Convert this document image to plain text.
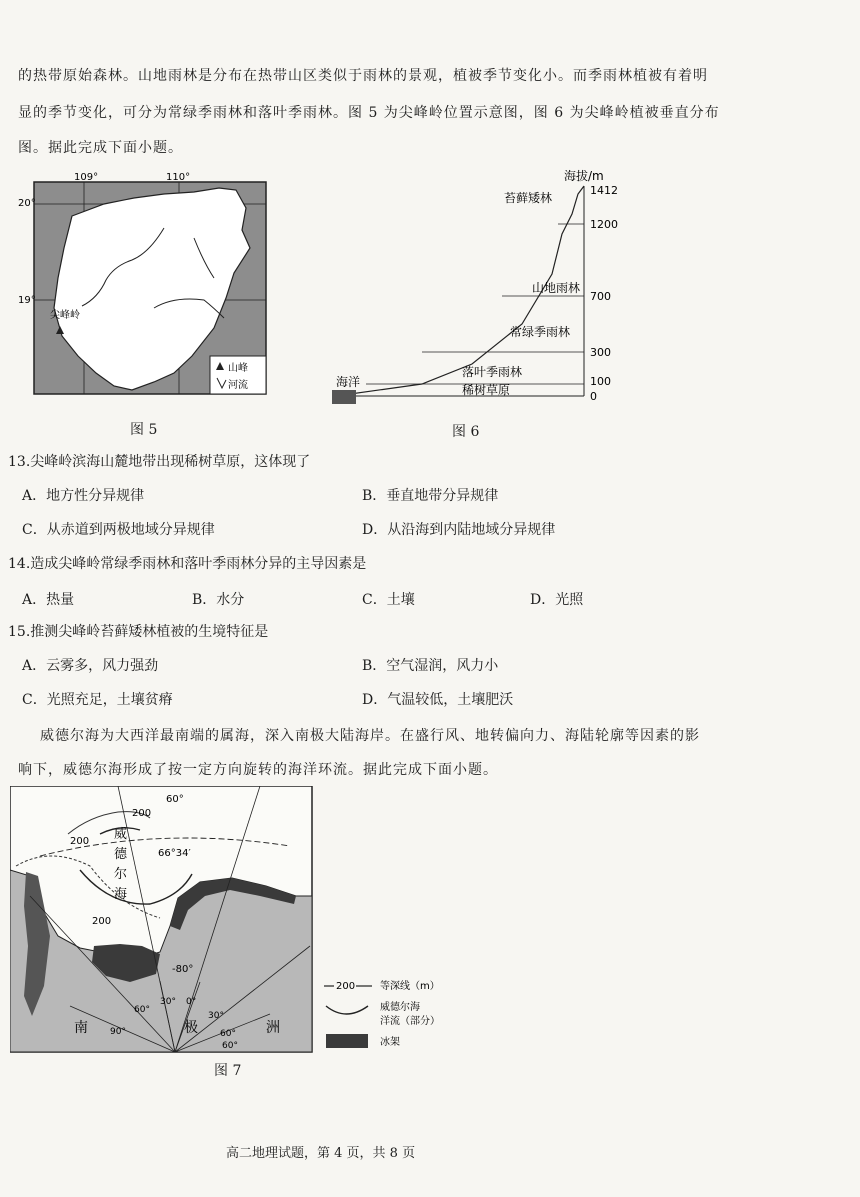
的热带原始森林。山地雨林是分布在热带山区类似于雨林的景观，植被季节变化小。而季雨林植被有着明
显的季节变化，可分为常绿季雨林和落叶季雨林。图 5 为尖峰岭位置示意图，图 6 为尖峰岭植被垂直分布
图。据此完成下面小题。
20°
19°
109°	110°
尖峰岭
山峰
河流
图 5
海拔/m
1412
1200
700
300
100
0
海洋
苔藓矮林
山地雨林
常绿季雨林
落叶季雨林
稀树草原
图 6
13.尖峰岭滨海山麓地带出现稀树草原，这体现了
A．地方性分异规律	B．垂直地带分异规律
C．从赤道到两极地域分异规律	D．从沿海到内陆地域分异规律
14.造成尖峰岭常绿季雨林和落叶季雨林分异的主导因素是
A．热量	B．水分	C．土壤	D．光照
15.推测尖峰岭苔藓矮林植被的生境特征是
A．云雾多，风力强劲	B．空气湿润，风力小
C．光照充足，土壤贫瘠	D．气温较低，土壤肥沃
威德尔海为大西洋最南端的属海，深入南极大陆海岸。在盛行风、地转偏向力、海陆轮廓等因素的影
响下，威德尔海形成了按一定方向旋转的海洋环流。据此完成下面小题。
60°
66°34′
-80°
200
200
200
威
德
尔
海
南	极	洲
60°
30° 0°
30°
60°
90°
60°
200 等深线（m）
威德尔海
洋流（部分）
冰架
图 7
高二地理试题，第 4 页，共 8 页
